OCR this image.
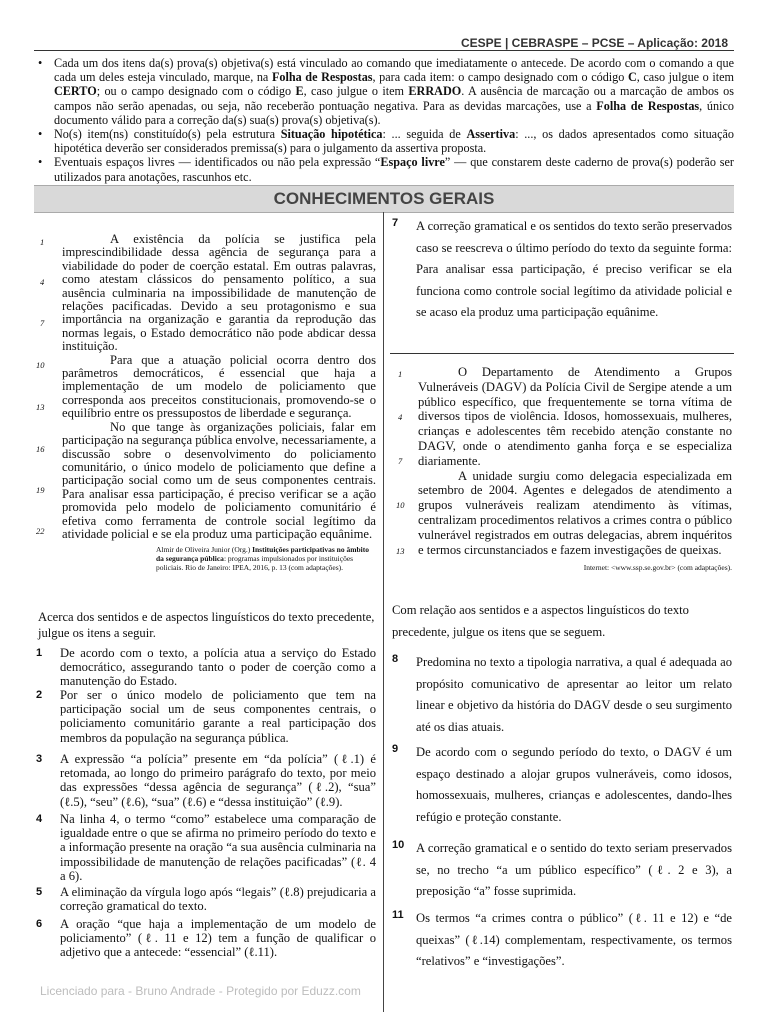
CESPE | CEBRASPE – PCSE – Aplicação: 2018
• Cada um dos itens da(s) prova(s) objetiva(s) está vinculado ao comando que imediatamente o antecede. De acordo com o comando a que cada um deles esteja vinculado, marque, na Folha de Respostas, para cada item: o campo designado com o código C, caso julgue o item CERTO; ou o campo designado com o código E, caso julgue o item ERRADO. A ausência de marcação ou a marcação de ambos os campos não serão apenadas, ou seja, não receberão pontuação negativa. Para as devidas marcações, use a Folha de Respostas, único documento válido para a correção da(s) sua(s) prova(s) objetiva(s).
• No(s) item(ns) constituído(s) pela estrutura Situação hipotética: ... seguida de Assertiva: ..., os dados apresentados como situação hipotética deverão ser considerados premissa(s) para o julgamento da assertiva proposta.
• Eventuais espaços livres — identificados ou não pela expressão “Espaço livre” — que constarem deste caderno de prova(s) poderão ser utilizados para anotações, rascunhos etc.
CONHECIMENTOS GERAIS
1
4
7
10
13
16
19
22
A existência da polícia se justifica pela imprescindibilidade dessa agência de segurança para a viabilidade do poder de coerção estatal. Em outras palavras, como atestam clássicos do pensamento político, a sua ausência culminaria na impossibilidade de manutenção de relações pacificadas. Devido a seu protagonismo e sua importância na organização e garantia da reprodução das normas legais, o Estado democrático não pode abdicar dessa instituição.
Para que a atuação policial ocorra dentro dos parâmetros democráticos, é essencial que haja a implementação de um modelo de policiamento que corresponda aos preceitos constitucionais, promovendo-se o equilíbrio entre os pressupostos de liberdade e segurança.
No que tange às organizações policiais, falar em participação na segurança pública envolve, necessariamente, a discussão sobre o desenvolvimento do policiamento comunitário, o único modelo de policiamento que define a participação social como um de seus componentes centrais. Para analisar essa participação, é preciso verificar se a ação promovida pelo modelo de policiamento comunitário é efetiva como ferramenta de controle social legítimo da atividade policial e se ela produz uma participação equânime.
Almir de Oliveira Junior (Org.) Instituições participativas no âmbito da segurança pública: programas impulsionados por instituições policiais. Rio de Janeiro: IPEA, 2016, p. 13 (com adaptações).
Acerca dos sentidos e de aspectos linguísticos do texto precedente, julgue os itens a seguir.
1 De acordo com o texto, a polícia atua a serviço do Estado democrático, assegurando tanto o poder de coerção como a manutenção do Estado.
2 Por ser o único modelo de policiamento que tem na participação social um de seus componentes centrais, o policiamento comunitário garante a real participação dos membros da população na segurança pública.
3 A expressão “a polícia” presente em “da polícia” (ℓ.1) é retomada, ao longo do primeiro parágrafo do texto, por meio das expressões “dessa agência de segurança” (ℓ.2), “sua” (ℓ.5), “seu” (ℓ.6), “sua” (ℓ.6) e “dessa instituição” (ℓ.9).
4 Na linha 4, o termo “como” estabelece uma comparação de igualdade entre o que se afirma no primeiro período do texto e a informação presente na oração “a sua ausência culminaria na impossibilidade de manutenção de relações pacificadas” (ℓ. 4 a 6).
5 A eliminação da vírgula logo após “legais” (ℓ.8) prejudicaria a correção gramatical do texto.
6 A oração “que haja a implementação de um modelo de policiamento” (ℓ. 11 e 12) tem a função de qualificar o adjetivo que a antecede: “essencial” (ℓ.11).
7 A correção gramatical e os sentidos do texto serão preservados caso se reescreva o último período do texto da seguinte forma: Para analisar essa participação, é preciso verificar se ela funciona como controle social legítimo da atividade policial e se acaso ela produz uma participação equânime.
1
4
7
10
13
O Departamento de Atendimento a Grupos Vulneráveis (DAGV) da Polícia Civil de Sergipe atende a um público específico, que frequentemente se torna vítima de diversos tipos de violência. Idosos, homossexuais, mulheres, crianças e adolescentes têm recebido atenção constante no DAGV, onde o atendimento ganha força e se especializa diariamente.
A unidade surgiu como delegacia especializada em setembro de 2004. Agentes e delegados de atendimento a grupos vulneráveis realizam atendimento às vítimas, centralizam procedimentos relativos a crimes contra o público vulnerável registrados em outras delegacias, abrem inquéritos e termos circunstanciados e fazem investigações de queixas.
Internet: <www.ssp.se.gov.br> (com adaptações).
Com relação aos sentidos e a aspectos linguísticos do texto precedente, julgue os itens que se seguem.
8 Predomina no texto a tipologia narrativa, a qual é adequada ao propósito comunicativo de apresentar ao leitor um relato linear e objetivo da história do DAGV desde o seu surgimento até os dias atuais.
9 De acordo com o segundo período do texto, o DAGV é um espaço destinado a alojar grupos vulneráveis, como idosos, homossexuais, mulheres, crianças e adolescentes, dando-lhes refúgio e proteção constante.
10 A correção gramatical e o sentido do texto seriam preservados se, no trecho “a um público específico” (ℓ. 2 e 3), a preposição “a” fosse suprimida.
11 Os termos “a crimes contra o público” (ℓ. 11 e 12) e “de queixas” (ℓ.14) complementam, respectivamente, os termos “relativos” e “investigações”.
Licenciado para - Bruno Andrade - Protegido por Eduzz.com
